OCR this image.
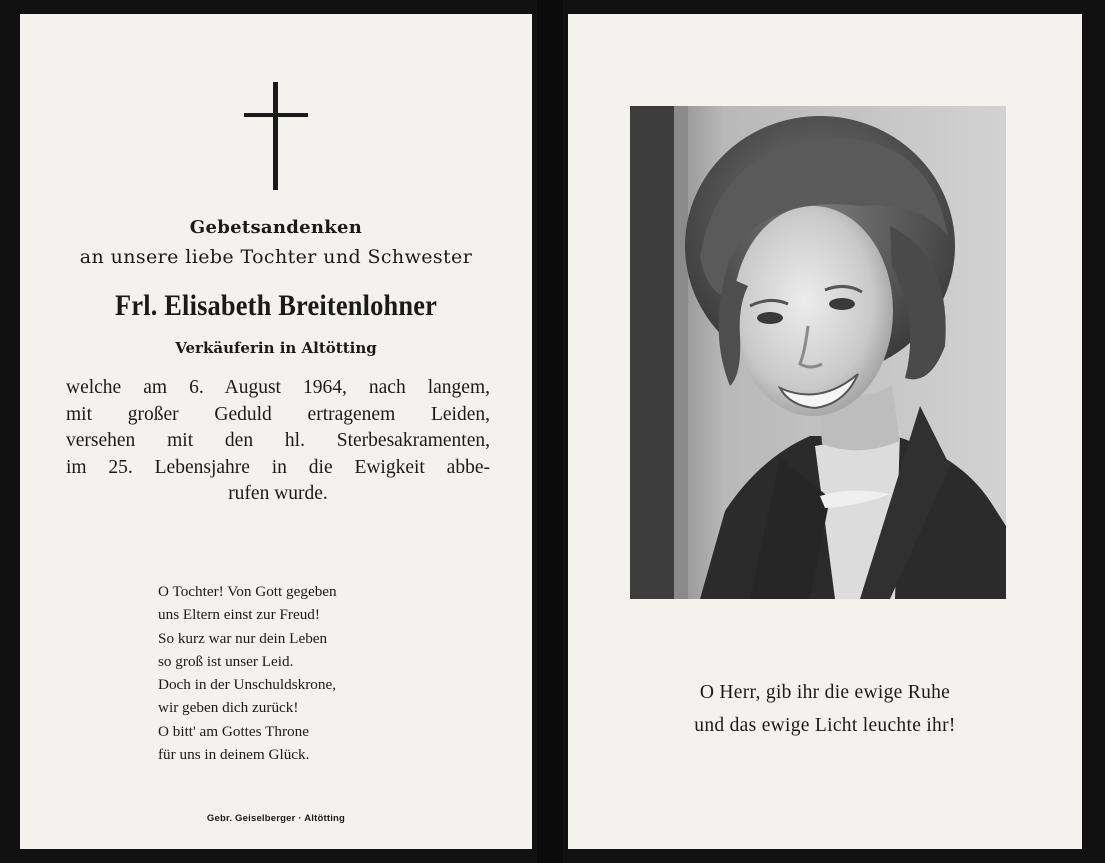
Gebetsandenken
an unsere liebe Tochter und Schwester
Frl. Elisabeth Breitenlohner
Verkäuferin in Altötting
welche am 6. August 1964, nach langem,
mit großer Geduld ertragenem Leiden,
versehen mit den hl. Sterbesakramenten,
im 25. Lebensjahre in die Ewigkeit abbe-
rufen wurde.
O Tochter! Von Gott gegeben
uns Eltern einst zur Freud!
So kurz war nur dein Leben
so groß ist unser Leid.
Doch in der Unschuldskrone,
wir geben dich zurück!
O bitt' am Gottes Throne
für uns in deinem Glück.
Gebr. Geiselberger · Altötting
O Herr, gib ihr die ewige Ruhe
und das ewige Licht leuchte ihr!
